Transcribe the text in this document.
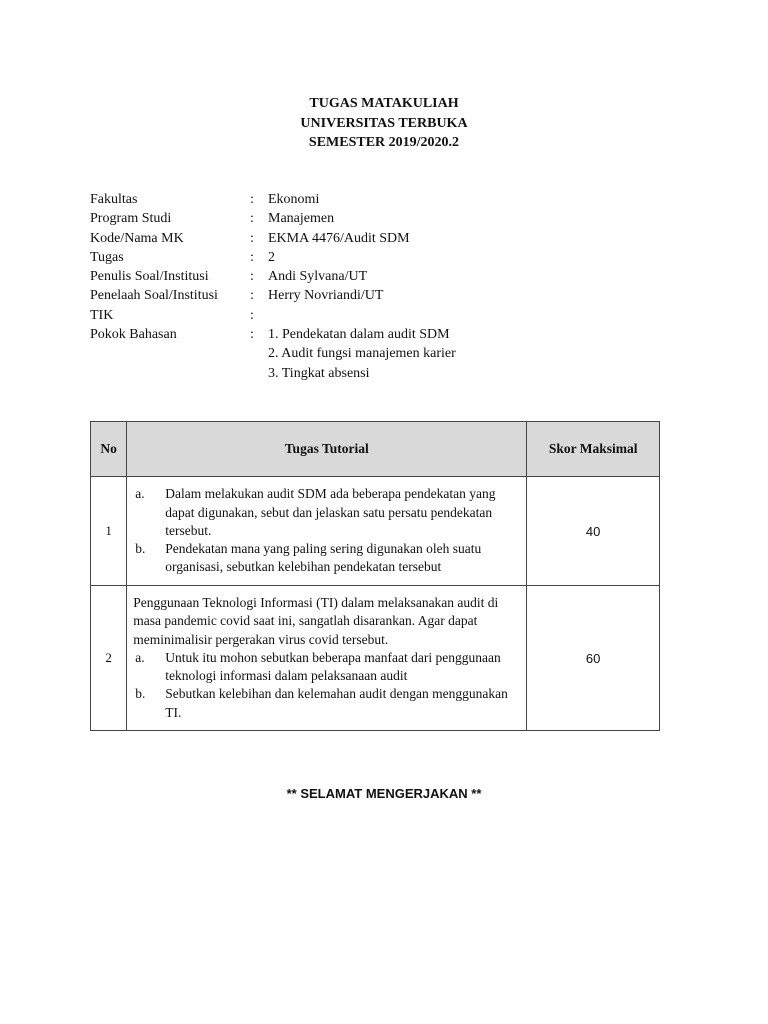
TUGAS MATAKULIAH
UNIVERSITAS TERBUKA
SEMESTER 2019/2020.2
Fakultas	:	Ekonomi
Program Studi	:	Manajemen
Kode/Nama MK	:	EKMA 4476/Audit SDM
Tugas	:	2
Penulis Soal/Institusi	:	Andi Sylvana/UT
Penelaah Soal/Institusi	:	Herry Novriandi/UT
TIK	:
Pokok Bahasan	:	1. Pendekatan dalam audit SDM
2. Audit fungsi manajemen karier
3. Tingkat absensi
No	Tugas Tutorial	Skor Maksimal
1	a. Dalam melakukan audit SDM ada beberapa pendekatan yang dapat digunakan, sebut dan jelaskan satu persatu pendekatan tersebut.
b. Pendekatan mana yang paling sering digunakan oleh suatu organisasi, sebutkan kelebihan pendekatan tersebut	40
2	Penggunaan Teknologi Informasi (TI) dalam melaksanakan audit di masa pandemic covid saat ini, sangatlah disarankan. Agar dapat meminimalisir pergerakan virus covid tersebut.
a. Untuk itu mohon sebutkan beberapa manfaat dari penggunaan teknologi informasi dalam pelaksanaan audit
b. Sebutkan kelebihan dan kelemahan audit dengan menggunakan TI.	60
** SELAMAT MENGERJAKAN **
